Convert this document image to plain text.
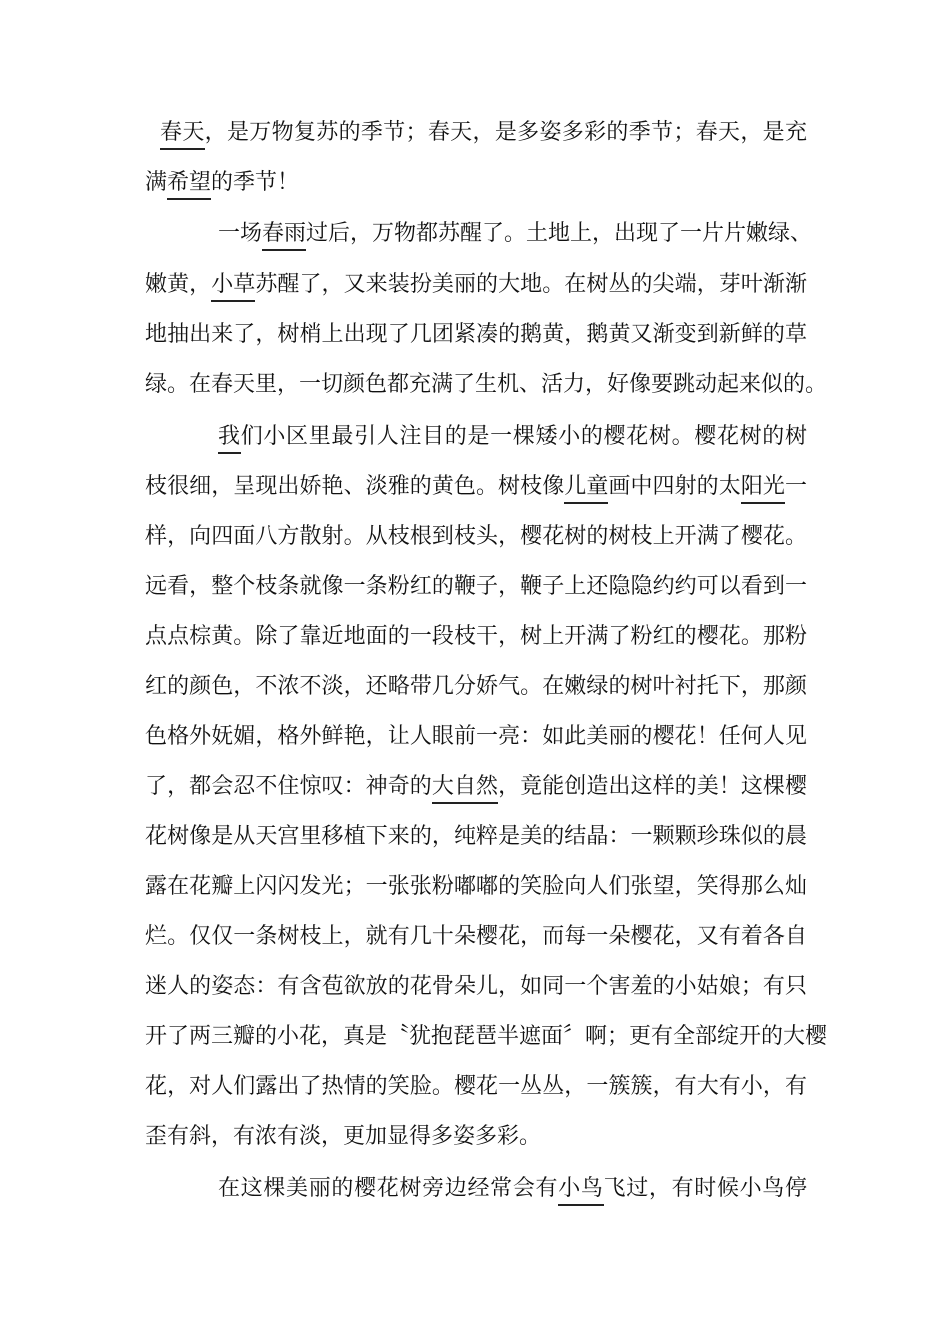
春天，是万物复苏的季节；春天，是多姿多彩的季节；春天，是充
满希望的季节！
一场春雨过后，万物都苏醒了。土地上，出现了一片片嫩绿、
嫩黄，小草苏醒了，又来装扮美丽的大地。在树丛的尖端，芽叶渐渐
地抽出来了，树梢上出现了几团紧凑的鹅黄，鹅黄又渐变到新鲜的草
绿。在春天里，一切颜色都充满了生机、活力，好像要跳动起来似的。
我们小区里最引人注目的是一棵矮小的樱花树。樱花树的树
枝很细，呈现出娇艳、淡雅的黄色。树枝像儿童画中四射的太阳光一
样，向四面八方散射。从枝根到枝头，樱花树的树枝上开满了樱花。
远看，整个枝条就像一条粉红的鞭子，鞭子上还隐隐约约可以看到一
点点棕黄。除了靠近地面的一段枝干，树上开满了粉红的樱花。那粉
红的颜色，不浓不淡，还略带几分娇气。在嫩绿的树叶衬托下，那颜
色格外妩媚，格外鲜艳，让人眼前一亮：如此美丽的樱花！任何人见
了，都会忍不住惊叹：神奇的大自然，竟能创造出这样的美！这棵樱
花树像是从天宫里移植下来的，纯粹是美的结晶：一颗颗珍珠似的晨
露在花瓣上闪闪发光；一张张粉嘟嘟的笑脸向人们张望，笑得那么灿
烂。仅仅一条树枝上，就有几十朵樱花，而每一朵樱花，又有着各自
迷人的姿态：有含苞欲放的花骨朵儿，如同一个害羞的小姑娘；有只
开了两三瓣的小花，真是〝犹抱琵琶半遮面〞啊；更有全部绽开的大樱
花，对人们露出了热情的笑脸。樱花一丛丛，一簇簇，有大有小，有
歪有斜，有浓有淡，更加显得多姿多彩。
在这棵美丽的樱花树旁边经常会有小鸟飞过，有时候小鸟停
